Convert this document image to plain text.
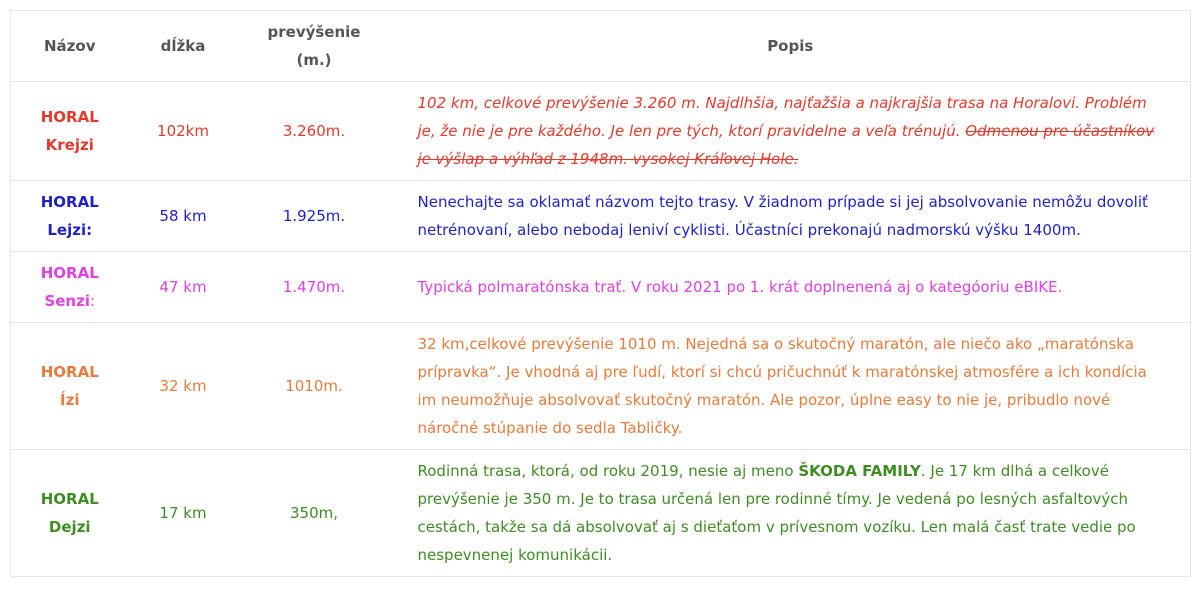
Názov	dĺžka	prevýšenie (m.)	Popis

HORAL
Krejzi	102km	3.260m.	102 km, celkové prevýšenie 3.260 m. Najdlhšia, najťažšia a najkrajšia trasa na Horalovi. Problém je, že nie je pre každého. Je len pre tých, ktorí pravidelne a veľa trénujú. Odmenou pre účastníkov je výšlap a výhľad z 1948m. vysokej Kráľovej Hole.

HORAL
Lejzi:	58 km	1.925m.	Nenechajte sa oklamať názvom tejto trasy. V žiadnom prípade si jej absolvovanie nemôžu dovoliť netrénovaní, alebo nebodaj leniví cyklisti. Účastníci prekonajú nadmorskú výšku 1400m.

HORAL
Senzi:	47 km	1.470m.	Typická polmaratónska trať. V roku 2021 po 1. krát doplnenená aj o kategóoriu eBIKE.

HORAL
Ízi	32 km	1010m.	32 km,celkové prevýšenie 1010 m. Nejedná sa o skutočný maratón, ale niečo ako „maratónska prípravka“. Je vhodná aj pre ľudí, ktorí si chcú pričuchnúť k maratónskej atmosfére a ich kondícia im neumožňuje absolvovať skutočný maratón. Ale pozor, úplne easy to nie je, pribudlo nové náročné stúpanie do sedla Tabličky.

HORAL
Dejzi	17 km	350m,	Rodinná trasa, ktorá, od roku 2019, nesie aj meno ŠKODA FAMILY. Je 17 km dlhá a celkové prevýšenie je 350 m. Je to trasa určená len pre rodinné tímy. Je vedená po lesných asfaltových cestách, takže sa dá absolvovať aj s dieťaťom v prívesnom vozíku. Len malá časť trate vedie po nespevnenej komunikácii.
